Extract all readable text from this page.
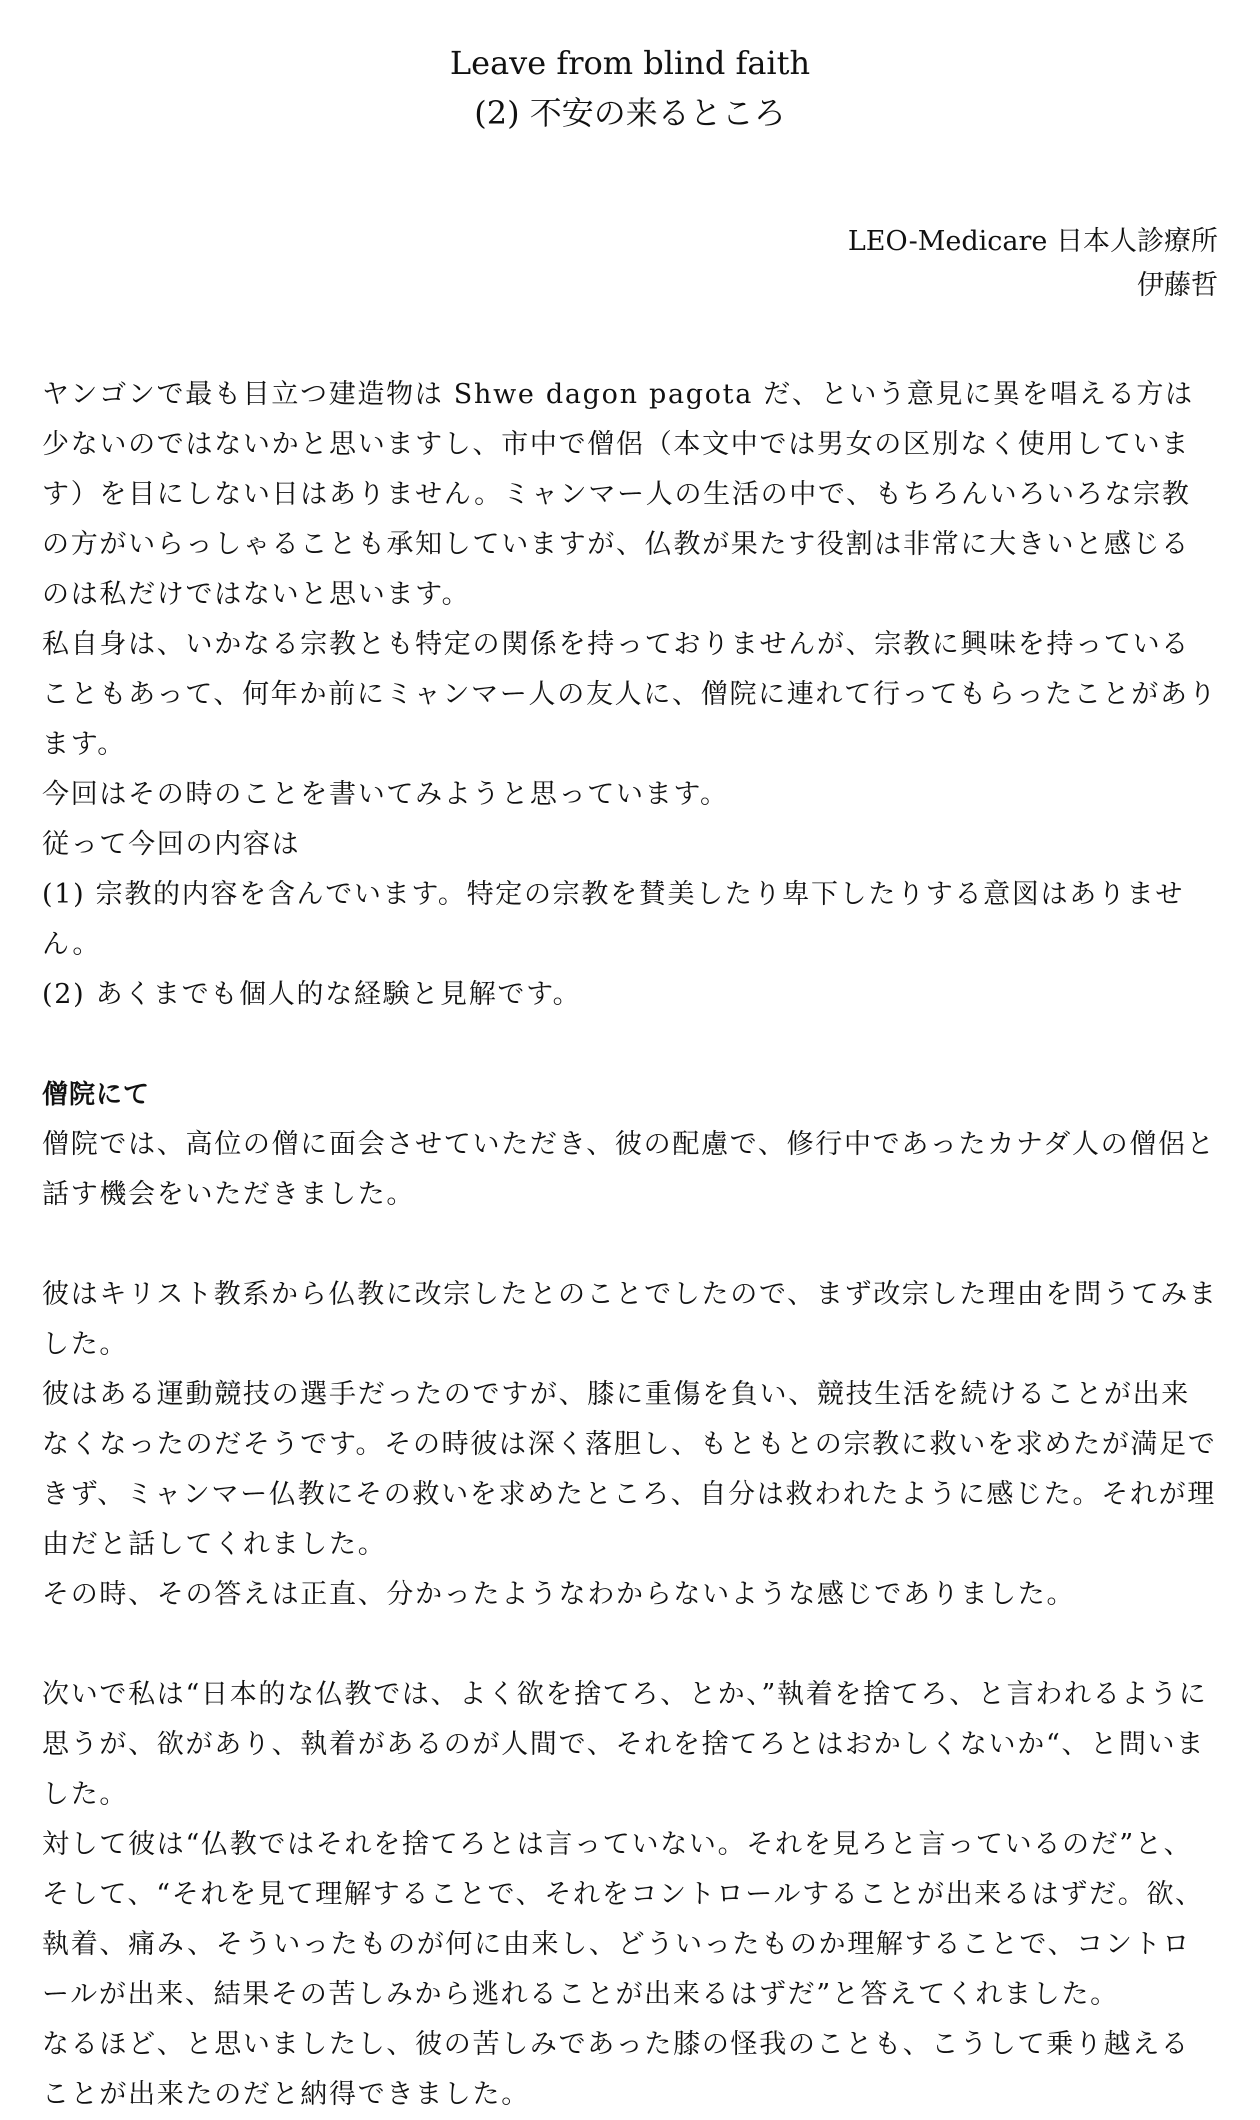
Leave from blind faith
(2) 不安の来るところ
LEO-Medicare 日本人診療所
伊藤哲

ヤンゴンで最も目立つ建造物は Shwe dagon pagota だ、という意見に異を唱える方は少ないのではないかと思いますし、市中で僧侶（本文中では男女の区別なく使用しています）を目にしない日はありません。ミャンマー人の生活の中で、もちろんいろいろな宗教の方がいらっしゃることも承知していますが、仏教が果たす役割は非常に大きいと感じるのは私だけではないと思います。

私自身は、いかなる宗教とも特定の関係を持っておりませんが、宗教に興味を持っていることもあって、何年か前にミャンマー人の友人に、僧院に連れて行ってもらったことがあります。

今回はその時のことを書いてみようと思っています。

従って今回の内容は

(1) 宗教的内容を含んでいます。特定の宗教を賛美したり卑下したりする意図はありません。

(2) あくまでも個人的な経験と見解です。

僧院にて

僧院では、高位の僧に面会させていただき、彼の配慮で、修行中であったカナダ人の僧侶と話す機会をいただきました。

彼はキリスト教系から仏教に改宗したとのことでしたので、まず改宗した理由を問うてみました。

彼はある運動競技の選手だったのですが、膝に重傷を負い、競技生活を続けることが出来なくなったのだそうです。その時彼は深く落胆し、もともとの宗教に救いを求めたが満足できず、ミャンマー仏教にその救いを求めたところ、自分は救われたように感じた。それが理由だと話してくれました。

その時、その答えは正直、分かったようなわからないような感じでありました。

次いで私は“日本的な仏教では、よく欲を捨てろ、とか、”執着を捨てろ、と言われるように思うが、欲があり、執着があるのが人間で、それを捨てろとはおかしくないか“、と問いました。

対して彼は“仏教ではそれを捨てろとは言っていない。それを見ろと言っているのだ”と、そして、“それを見て理解することで、それをコントロールすることが出来るはずだ。欲、執着、痛み、そういったものが何に由来し、どういったものか理解することで、コントロールが出来、結果その苦しみから逃れることが出来るはずだ”と答えてくれました。

なるほど、と思いましたし、彼の苦しみであった膝の怪我のことも、こうして乗り越えることが出来たのだと納得できました。
